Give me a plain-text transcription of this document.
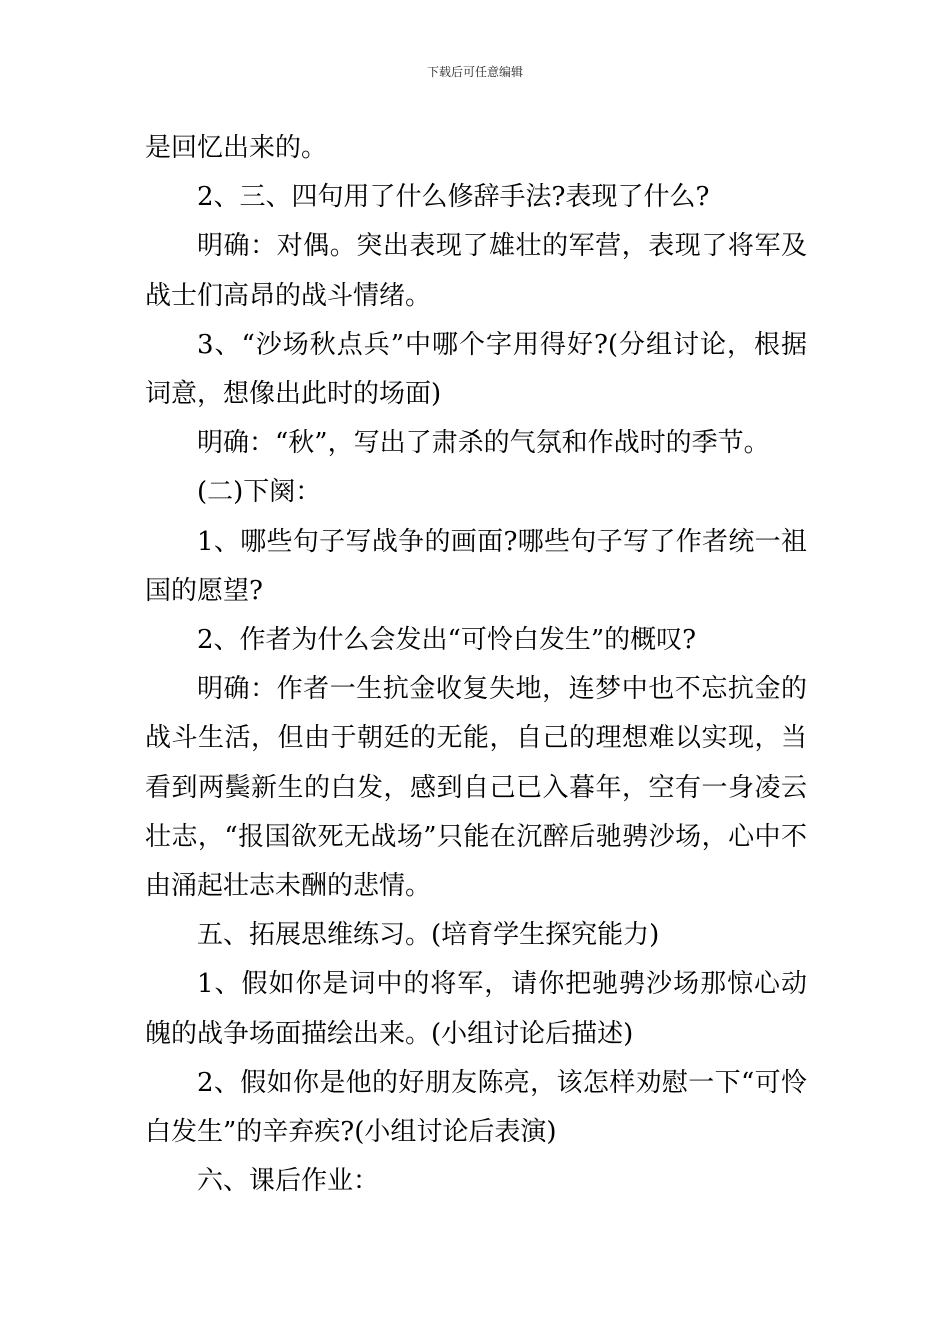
下载后可任意编辑

是回忆出来的。

2、三、四句用了什么修辞手法?表现了什么?

明确：对偶。突出表现了雄壮的军营，表现了将军及战士们高昂的战斗情绪。

3、“沙场秋点兵”中哪个字用得好?(分组讨论，根据词意，想像出此时的场面)

明确：“秋”，写出了肃杀的气氛和作战时的季节。

(二)下阕：

1、哪些句子写战争的画面?哪些句子写了作者统一祖国的愿望?

2、作者为什么会发出“可怜白发生”的概叹?

明确：作者一生抗金收复失地，连梦中也不忘抗金的战斗生活，但由于朝廷的无能，自己的理想难以实现，当看到两鬓新生的白发，感到自己已入暮年，空有一身凌云壮志，“报国欲死无战场”只能在沉醉后驰骋沙场，心中不由涌起壮志未酬的悲情。

五、拓展思维练习。(培育学生探究能力)

1、假如你是词中的将军，请你把驰骋沙场那惊心动魄的战争场面描绘出来。(小组讨论后描述)

2、假如你是他的好朋友陈亮，该怎样劝慰一下“可怜白发生”的辛弃疾?(小组讨论后表演)

六、课后作业：
